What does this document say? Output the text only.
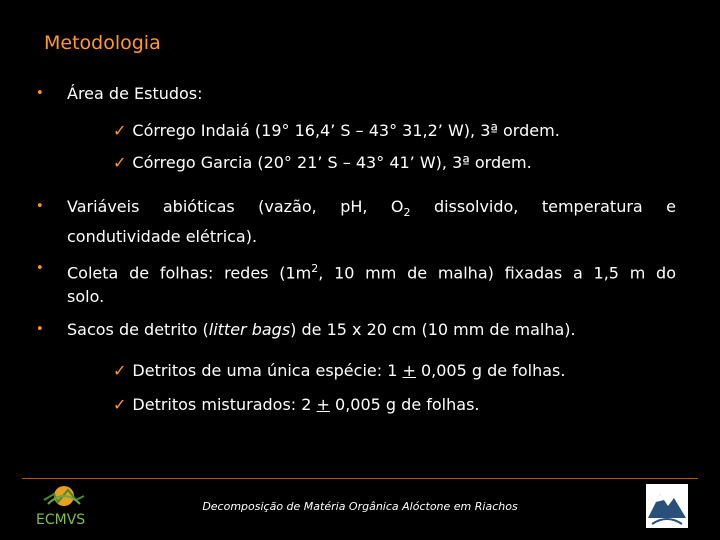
Metodologia
• Área de Estudos:
✓ Córrego Indaiá (19° 16,4’ S – 43° 31,2’ W), 3ª ordem.
✓ Córrego Garcia (20° 21’ S – 43° 41’ W), 3ª ordem.
• Variáveis abióticas (vazão, pH, $O_2$ dissolvido, temperatura e
condutividade elétrica).
• Coleta de folhas: redes ($1m^2$, 10 mm de malha) fixadas a 1,5 m do
solo.
• Sacos de detrito (litter bags) de 15 x 20 cm (10 mm de malha).
✓ Detritos de uma única espécie: 1 + 0,005 g de folhas.
✓ Detritos misturados: 2 + 0,005 g de folhas.
ECMVS
Decomposição de Matéria Orgânica Alóctone em Riachos
